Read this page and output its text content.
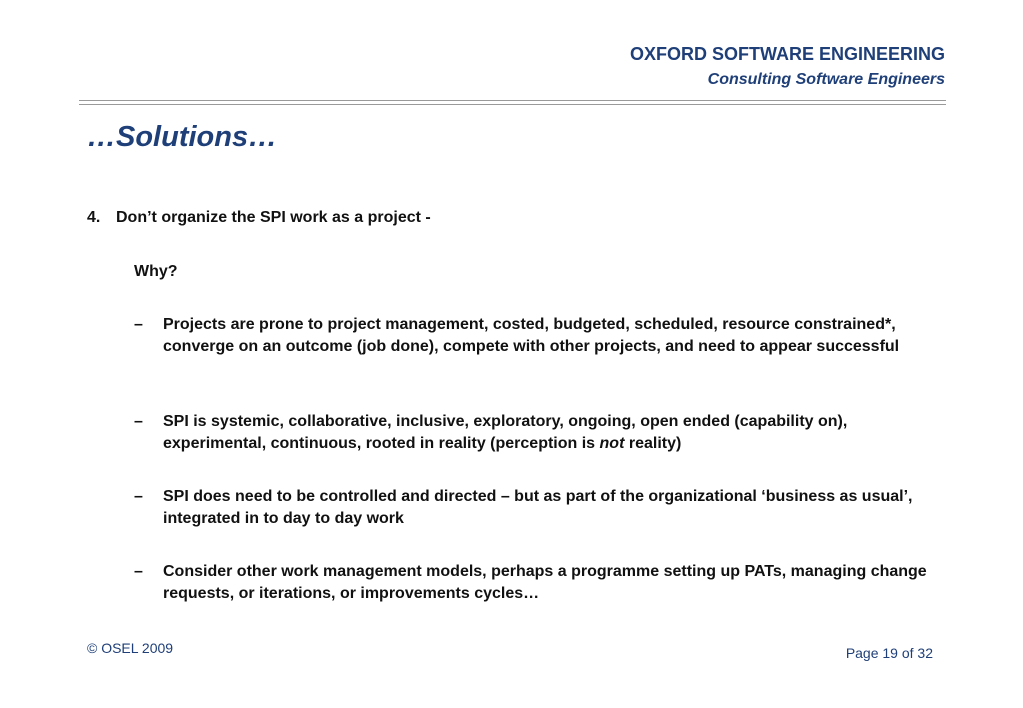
OXFORD SOFTWARE ENGINEERING
Consulting Software Engineers
…Solutions…
4. Don’t organize the SPI work as a project -
Why?
– Projects are prone to project management, costed, budgeted, scheduled, resource constrained*, converge on an outcome (job done), compete with other projects, and need to appear successful
– SPI is systemic, collaborative, inclusive, exploratory, ongoing, open ended (capability on), experimental, continuous, rooted in reality (perception is not reality)
– SPI does need to be controlled and directed – but as part of the organizational ‘business as usual’, integrated in to day to day work
– Consider other work management models, perhaps a programme setting up PATs, managing change requests, or iterations, or improvements cycles…
© OSEL 2009	Page 19 of 32
